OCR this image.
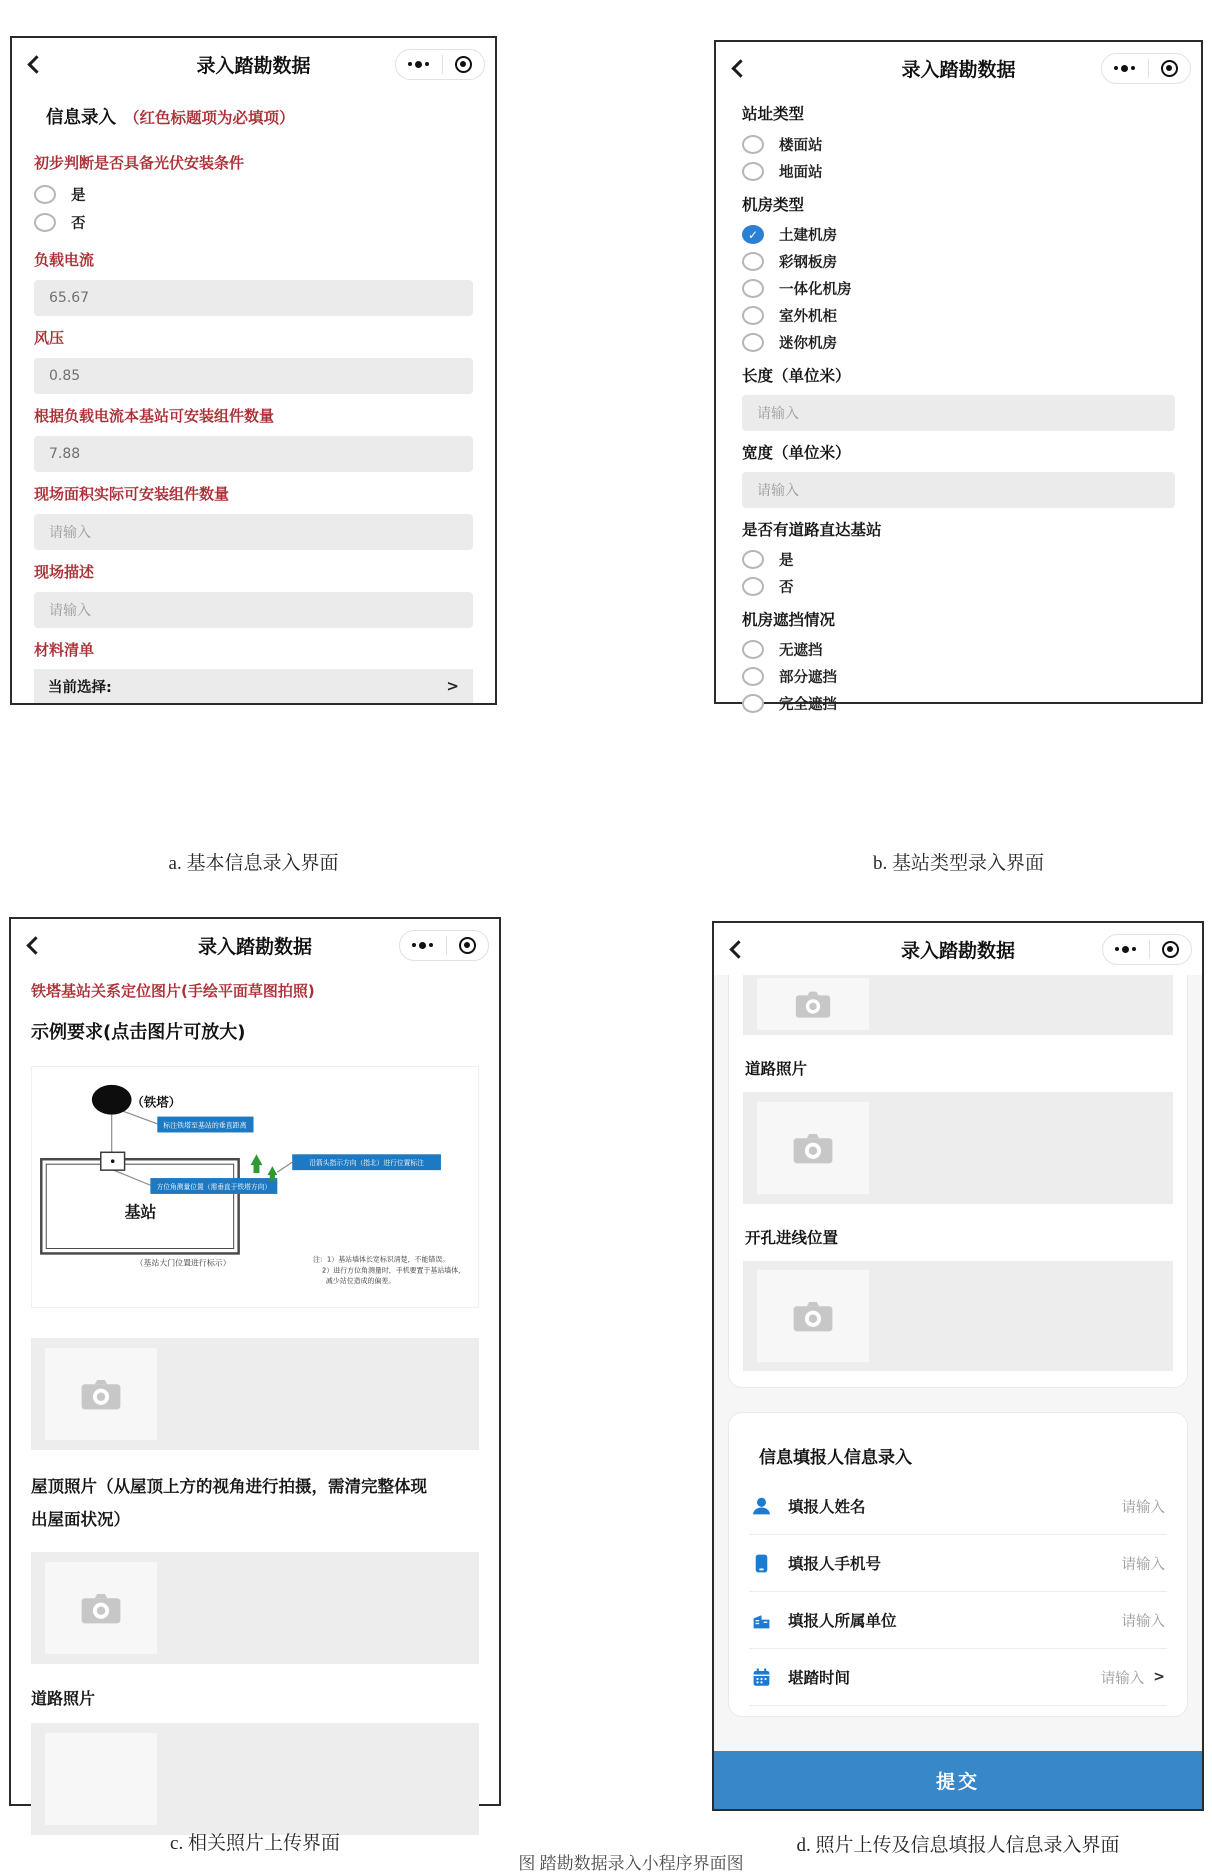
录入踏勘数据
信息录入 （红色标题项为必填项）
初步判断是否具备光伏安装条件
是
否
负载电流
65.67
风压
0.85
根据负载电流本基站可安装组件数量
7.88
现场面积实际可安装组件数量
请输入
现场描述
请输入
材料清单
当前选择:	>
a. 基本信息录入界面
录入踏勘数据
站址类型
楼面站
地面站
机房类型
✓ 土建机房
彩钢板房
一体化机房
室外机柜
迷你机房
长度（单位米）
请输入
宽度（单位米）
请输入
是否有道路直达基站
是
否
机房遮挡情况
无遮挡
部分遮挡
完全遮挡
b. 基站类型录入界面
录入踏勘数据
铁塔基站关系定位图片(手绘平面草图拍照)
示例要求(点击图片可放大)
（铁塔）
基站
标注铁塔至基站的垂直距离
方位角测量位置（需垂直于铁塔方向）
沿箭头指示方向（指北）进行位置标注
（基站大门位置进行标示）	注：1）基站墙体长宽标识清楚，不能错误。
2）进行方位角测量时，手机要置于基站墙体，
减少站位造成的偏差。
屋顶照片（从屋顶上方的视角进行拍摄，需清完整体现
出屋面状况）
道路照片
c. 相关照片上传界面
录入踏勘数据
道路照片
开孔进线位置
信息填报人信息录入
填报人姓名	请输入
填报人手机号	请输入
填报人所属单位	请输入
堪踏时间	请输入 >
提交
d. 照片上传及信息填报人信息录入界面
图 踏勘数据录入小程序界面图
